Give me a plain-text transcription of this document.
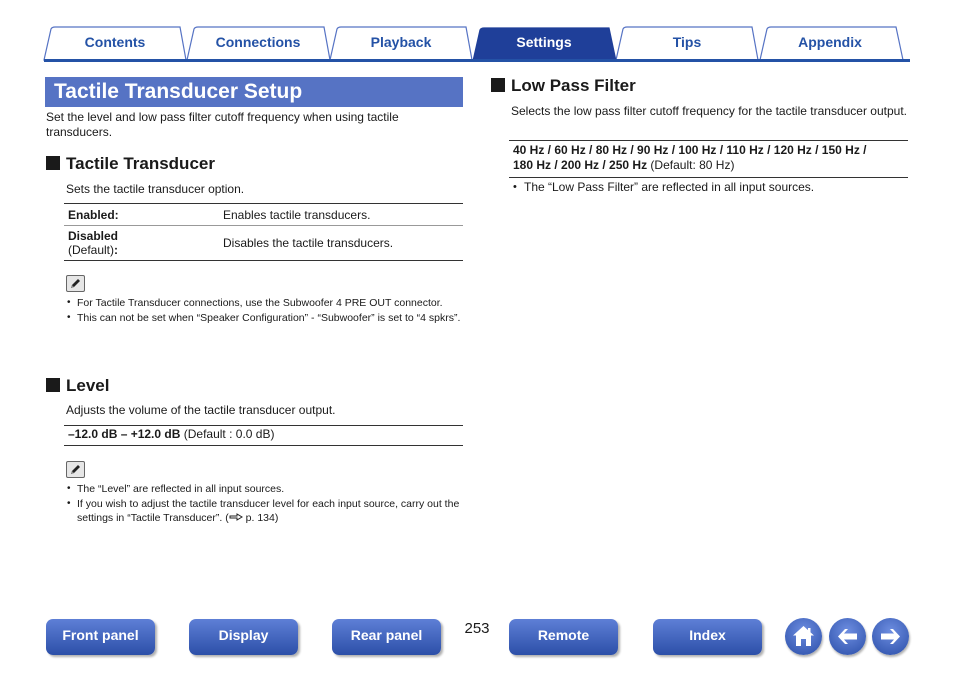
Contents	Connections	Playback	Settings	Tips	Appendix
Tactile Transducer Setup
Set the level and low pass filter cutoff frequency when using tactile transducers.
Tactile Transducer
Sets the tactile transducer option.
Enabled:	Enables tactile transducers.
Disabled
(Default):	Disables the tactile transducers.
• For Tactile Transducer connections, use the Subwoofer 4 PRE OUT connector.
• This can not be set when “Speaker Configuration” - “Subwoofer” is set to “4 spkrs”.
Level
Adjusts the volume of the tactile transducer output.
–12.0 dB – +12.0 dB (Default : 0.0 dB)
• The “Level” are reflected in all input sources.
• If you wish to adjust the tactile transducer level for each input source, carry out the settings in “Tactile Transducer”. ( p. 134)
Low Pass Filter
Selects the low pass filter cutoff frequency for the tactile transducer output.
40 Hz / 60 Hz / 80 Hz / 90 Hz / 100 Hz / 110 Hz / 120 Hz / 150 Hz /
180 Hz / 200 Hz / 250 Hz (Default: 80 Hz)
• The “Low Pass Filter” are reflected in all input sources.
Front panel	Display	Rear panel	253	Remote	Index
